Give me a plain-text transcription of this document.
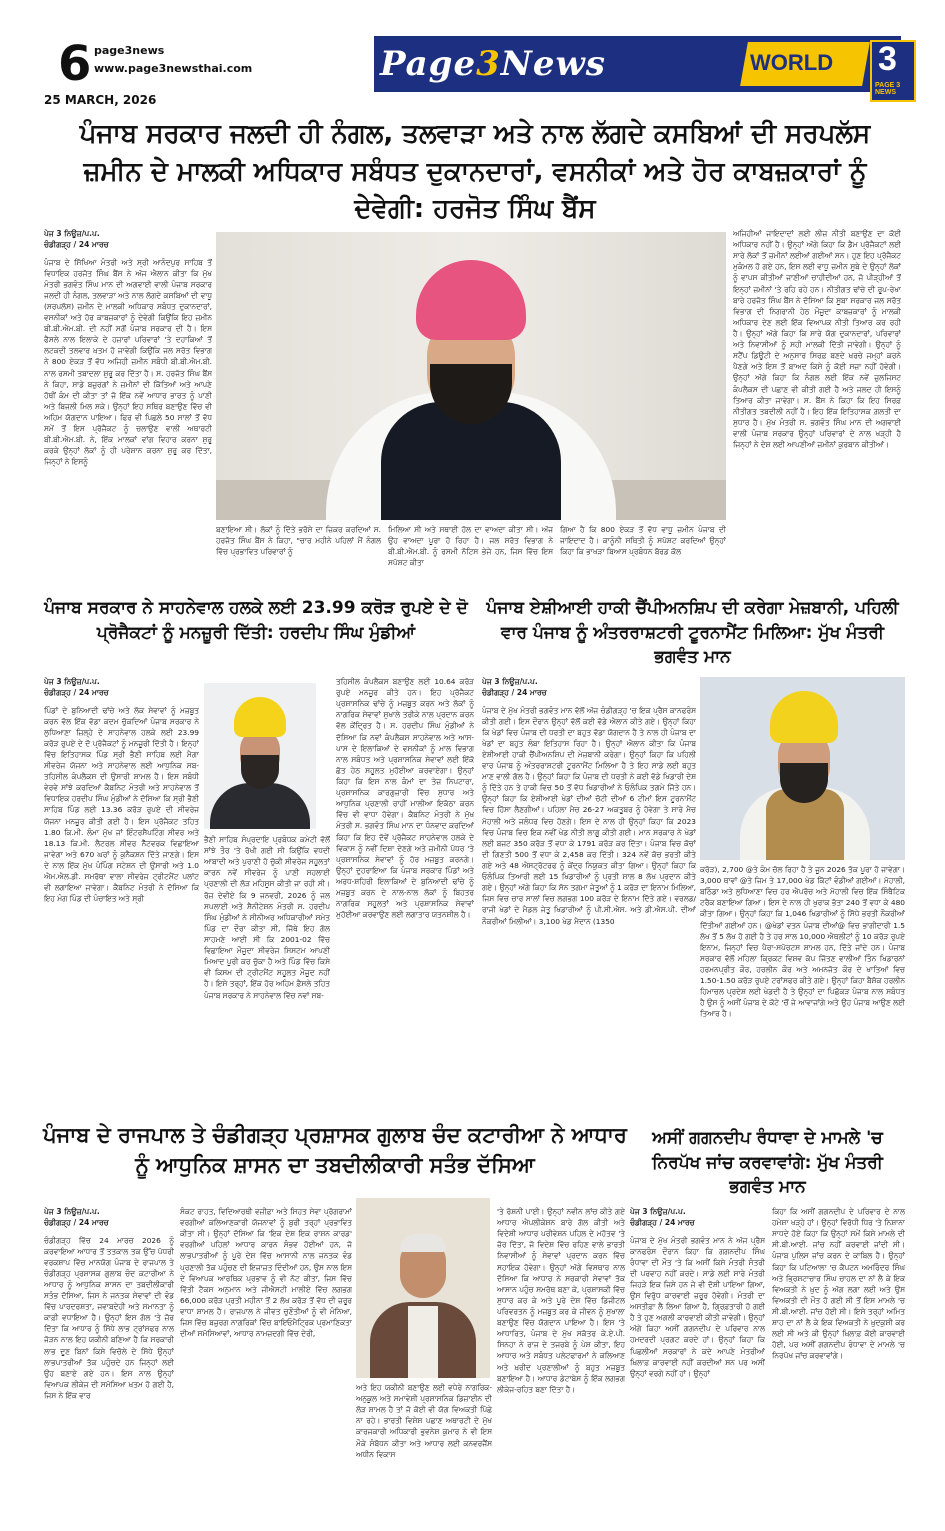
6 page3news
www.page3newsthai.com	Page3News	WORLD 3
PAGE 3 NEWS
25 MARCH, 2026
ਪੰਜਾਬ ਸਰਕਾਰ ਜਲਦੀ ਹੀ ਨੰਗਲ, ਤਲਵਾੜਾ ਅਤੇ ਨਾਲ ਲੱਗਦੇ ਕਸਬਿਆਂ ਦੀ ਸਰਪਲੱਸ ਜ਼ਮੀਨ ਦੇ ਮਾਲਕੀ ਅਧਿਕਾਰ ਸਬੰਧਤ ਦੁਕਾਨਦਾਰਾਂ, ਵਸਨੀਕਾਂ ਅਤੇ ਹੋਰ ਕਾਬਜ਼ਕਾਰਾਂ ਨੂੰ ਦੇਵੇਗੀ: ਹਰਜੋਤ ਸਿੰਘ ਬੈਂਸ
ਪੇਜ 3 ਨਿਊਜ਼/ਪ.ਪ.
ਚੰਡੀਗੜ੍ਹ / 24 ਮਾਰਚ

ਪੰਜਾਬ ਦੇ ਸਿੱਖਿਆ ਮੰਤਰੀ ਅਤੇ ਸ੍ਰੀ ਆਨੰਦਪੁਰ ਸਾਹਿਬ ਤੋਂ ਵਿਧਾਇਕ ਹਰਜੋਤ ਸਿੰਘ ਬੈਂਸ ਨੇ ਅੱਜ ਐਲਾਨ ਕੀਤਾ ਕਿ ਮੁੱਖ ਮੰਤਰੀ ਭਗਵੰਤ ਸਿੰਘ ਮਾਨ ਦੀ ਅਗਵਾਈ ਵਾਲੀ ਪੰਜਾਬ ਸਰਕਾਰ ਜਲਦੀ ਹੀ ਨੰਗਲ, ਤਲਵਾੜਾ ਅਤੇ ਨਾਲ ਲੱਗਦੇ ਕਸਬਿਆਂ ਦੀ ਵਾਧੂ (ਸਰਪਲੱਸ) ਜ਼ਮੀਨ ਦੇ ਮਾਲਕੀ ਅਧਿਕਾਰ ਸਬੰਧਤ ਦੁਕਾਨਦਾਰਾਂ, ਵਸਨੀਕਾਂ ਅਤੇ ਹੋਰ ਕਾਬਜ਼ਕਾਰਾਂ ਨੂੰ ਦੇਵੇਗੀ ਕਿਉਂਕਿ ਇਹ ਜ਼ਮੀਨ ਬੀ.ਬੀ.ਐਮ.ਬੀ. ਦੀ ਨਹੀਂ ਸਗੋਂ ਪੰਜਾਬ ਸਰਕਾਰ ਦੀ ਹੈ। ਇਸ ਫੈਸਲੇ ਨਾਲ ਇਲਾਕੇ ਦੇ ਹਜ਼ਾਰਾਂ ਪਰਿਵਾਰਾਂ 'ਤੇ ਦਹਾਕਿਆਂ ਤੋਂ ਲਟਕਦੀ ਤਲਵਾਰ ਖ਼ਤਮ ਹੋ ਜਾਵੇਗੀ ਕਿਉਂਕਿ ਜਲ ਸਰੋਤ ਵਿਭਾਗ ਨੇ 800 ਏਕੜ ਤੋਂ ਵੱਧ ਅਜਿਹੀ ਜ਼ਮੀਨ ਸਬੰਧੀ ਬੀ.ਬੀ.ਐਮ.ਬੀ. ਨਾਲ ਰਸਮੀ ਤਬਾਦਲਾ ਸ਼ੁਰੂ ਕਰ ਦਿੱਤਾ ਹੈ। ਸ. ਹਰਜੋਤ ਸਿੰਘ ਬੈਂਸ ਨੇ ਕਿਹਾ, ਸਾਡੇ ਬਜ਼ੁਰਗਾਂ ਨੇ ਜ਼ਮੀਨਾਂ ਦੀ ਕਿੱਤਿਆਂ ਅਤੇ ਆਪਣੇ ਹੱਥੀਂ ਕੰਮ ਦੀ ਕੀਤਾ ਤਾਂ ਜੋ ਇੱਕ ਨਵੇਂ ਆਧਾਰ ਭਾਰਤ ਨੂੰ ਪਾਣੀ ਅਤੇ ਬਿਜਲੀ ਮਿਲ ਸਕੇ। ਉਨ੍ਹਾਂ ਇਹ ਸਥਿਰ ਬਣਾਉਣ ਵਿੱਚ ਵੀ ਅਹਿਮ ਯੋਗਦਾਨ ਪਾਇਆ। ਫਿਰ ਵੀ ਪਿਛਲੇ 50 ਸਾਲਾਂ ਤੋਂ ਵੱਧ ਸਮੇਂ ਤੋਂ ਇਸ ਪ੍ਰੋਜੈਕਟ ਨੂੰ ਚਲਾਉਣ ਵਾਲੀ ਅਥਾਰਟੀ ਬੀ.ਬੀ.ਐਮ.ਬੀ. ਨੇ, ਇੱਕ ਮਾਲਕਾਂ ਵਾਂਗ ਵਿਹਾਰ ਕਰਨਾ ਸ਼ੁਰੂ ਕਰਕੇ ਉਨ੍ਹਾਂ ਲੋਕਾਂ ਨੂੰ ਹੀ ਪਰੇਸ਼ਾਨ ਕਰਨਾ ਸ਼ੁਰੂ ਕਰ ਦਿੱਤਾ, ਜਿਨ੍ਹਾਂ ਨੇ ਇਸਨੂੰ

ਬਣਾਇਆ ਸੀ। ਲੋਕਾਂ ਨੂੰ ਦਿੱਤੇ ਭਰੋਸੇ ਦਾ ਜ਼ਿਕਰ ਕਰਦਿਆਂ ਸ. ਹਰਜੋਤ ਸਿੰਘ ਬੈਂਸ ਨੇ ਕਿਹਾ, "ਚਾਰ ਮਹੀਨੇ ਪਹਿਲਾਂ ਮੈਂ ਨੰਗਲ ਵਿੱਚ ਪ੍ਰਭਾਵਿਤ ਪਰਿਵਾਰਾਂ ਨੂੰ
ਮਿਲਿਆ ਸੀ ਅਤੇ ਸਥਾਈ ਹੱਲ ਦਾ ਵਾਅਦਾ ਕੀਤਾ ਸੀ। ਅੱਜ ਉਹ ਵਾਅਦਾ ਪੂਰਾ ਹੋ ਰਿਹਾ ਹੈ। ਜਲ ਸਰੋਤ ਵਿਭਾਗ ਨੇ ਬੀ.ਬੀ.ਐਮ.ਬੀ. ਨੂੰ ਰਸਮੀ ਨੋਟਿਸ ਭੇਜੇ ਹਨ, ਜਿਸ ਵਿੱਚ ਇਸ ਸਪੱਸ਼ਟ ਕੀਤਾ
ਗਿਆ ਹੈ ਕਿ 800 ਏਕੜ ਤੋਂ ਵੱਧ ਵਾਧੂ ਜ਼ਮੀਨ ਪੰਜਾਬ ਦੀ ਜਾਇਦਾਦ ਹੈ। ਕਾਨੂੰਨੀ ਸਥਿਤੀ ਨੂੰ ਸਪੱਸ਼ਟ ਕਰਦਿਆਂ ਉਨ੍ਹਾਂ ਕਿਹਾ ਕਿ ਭਾਖੜਾ ਬਿਆਸ ਪ੍ਰਬੰਧਨ ਬੋਰਡ ਕੋਲ

ਅਜਿਹੀਆਂ ਜਾਇਦਾਦਾਂ ਲਈ ਲੀਜ਼ ਨੀਤੀ ਬਣਾਉਣ ਦਾ ਕੋਈ ਅਧਿਕਾਰ ਨਹੀਂ ਹੈ। ਉਨ੍ਹਾਂ ਅੱਗੇ ਕਿਹਾ ਕਿ ਡੈਮ ਪ੍ਰੋਜੈਕਟਾਂ ਲਈ ਸਾਰੇ ਲੋਕਾਂ ਤੋਂ ਜ਼ਮੀਨਾਂ ਲਈਆਂ ਗਈਆਂ ਸਨ। ਹੁਣ ਇਹ ਪ੍ਰੋਜੈਕਟ ਮੁਕੰਮਲ ਹੋ ਗਏ ਹਨ, ਇਸ ਲਈ ਵਾਧੂ ਜ਼ਮੀਨ ਸੂਬੇ ਦੇ ਉਨ੍ਹਾਂ ਲੋਕਾਂ ਨੂੰ ਵਾਪਸ ਕੀਤੀਆਂ ਜਾਣੀਆਂ ਚਾਹੀਦੀਆਂ ਹਨ, ਜੋ ਪੀੜ੍ਹੀਆਂ ਤੋਂ ਇਨ੍ਹਾਂ ਜ਼ਮੀਨਾਂ 'ਤੇ ਰਹਿ ਰਹੇ ਹਨ। ਨੀਤੀਗਤ ਢਾਂਚੇ ਦੀ ਰੂਪ-ਰੇਖਾ ਬਾਰੇ ਹਰਜੋਤ ਸਿੰਘ ਬੈਂਸ ਨੇ ਦੱਸਿਆ ਕਿ ਸੂਬਾ ਸਰਕਾਰ ਜਲ ਸਰੋਤ ਵਿਭਾਗ ਦੀ ਨਿਗਰਾਨੀ ਹੇਠ ਮੌਜੂਦਾ ਕਾਬਜ਼ਕਾਰਾਂ ਨੂੰ ਮਾਲਕੀ ਅਧਿਕਾਰ ਦੇਣ ਲਈ ਇੱਕ ਵਿਆਪਕ ਨੀਤੀ ਤਿਆਰ ਕਰ ਰਹੀ ਹੈ। ਉਨ੍ਹਾਂ ਅੱਗੇ ਕਿਹਾ ਕਿ ਸਾਰੇ ਯੋਗ ਦੁਕਾਨਦਾਰਾਂ, ਪਰਿਵਾਰਾਂ ਅਤੇ ਨਿਵਾਸੀਆਂ ਨੂੰ ਸਹੀ ਮਾਲਕੀ ਦਿੱਤੀ ਜਾਵੇਗੀ। ਉਨ੍ਹਾਂ ਨੂੰ ਸਟੈਂਪ ਡਿਊਟੀ ਦੇ ਅਨੁਸਾਰ ਸਿਰਫ਼ ਬਣਦੇ ਖ਼ਰਚੇ ਜਮ੍ਹਾਂ ਕਰਨੇ ਪੈਣਗੇ ਅਤੇ ਇਸ ਤੋਂ ਬਾਅਦ ਕਿਸੇ ਨੂੰ ਕੋਈ ਸਜ਼ਾ ਨਹੀਂ ਹੋਵੇਗੀ। ਉਨ੍ਹਾਂ ਅੱਗੇ ਕਿਹਾ ਕਿ ਨੰਗਲ ਲਈ ਇੱਕ ਨਵੇਂ ਜ਼ੁਲਜਿਸਟ ਕੰਪਲੈਕਸ ਦੀ ਪਛਾਣ ਵੀ ਕੀਤੀ ਗਈ ਹੈ ਅਤੇ ਜਲਦ ਹੀ ਇਸਨੂੰ ਤਿਆਰ ਕੀਤਾ ਜਾਵੇਗਾ। ਸ. ਬੈਂਸ ਨੇ ਕਿਹਾ ਕਿ ਇਹ ਸਿਰਫ਼ ਨੀਤੀਗਤ ਤਬਦੀਲੀ ਨਹੀਂ ਹੈ। ਇਹ ਇੱਕ ਇਤਿਹਾਸਕ ਗ਼ਲਤੀ ਦਾ ਸੁਧਾਰ ਹੈ। ਮੁੱਖ ਮੰਤਰੀ ਸ. ਭਗਵੰਤ ਸਿੰਘ ਮਾਨ ਦੀ ਅਗਵਾਈ ਵਾਲੀ ਪੰਜਾਬ ਸਰਕਾਰ ਉਨ੍ਹਾਂ ਪਰਿਵਾਰਾਂ ਦੇ ਨਾਲ ਖੜ੍ਹੀ ਹੈ ਜਿਨ੍ਹਾਂ ਨੇ ਦੇਸ਼ ਲਈ ਆਪਣੀਆਂ ਜ਼ਮੀਨਾਂ ਕੁਰਬਾਨ ਕੀਤੀਆਂ।

ਪੰਜਾਬ ਸਰਕਾਰ ਨੇ ਸਾਹਨੇਵਾਲ ਹਲਕੇ ਲਈ 23.99 ਕਰੋੜ ਰੁਪਏ ਦੇ ਦੋ ਪ੍ਰੋਜੈਕਟਾਂ ਨੂੰ ਮਨਜ਼ੂਰੀ ਦਿੱਤੀ: ਹਰਦੀਪ ਸਿੰਘ ਮੁੰਡੀਆਂ
ਪੇਜ 3 ਨਿਊਜ਼/ਪ.ਪ.
ਚੰਡੀਗੜ੍ਹ / 24 ਮਾਰਚ

ਪਿੰਡਾਂ ਦੇ ਬੁਨਿਆਦੀ ਢਾਂਚੇ ਅਤੇ ਲੋਕ ਸੇਵਾਵਾਂ ਨੂੰ ਮਜ਼ਬੂਤ ਕਰਨ ਵੱਲ ਇੱਕ ਵੱਡਾ ਕਦਮ ਚੁੱਕਦਿਆਂ ਪੰਜਾਬ ਸਰਕਾਰ ਨੇ ਲੁਧਿਆਣਾ ਜ਼ਿਲ੍ਹੇ ਦੇ ਸਾਹਨੇਵਾਲ ਹਲਕੇ ਲਈ 23.99 ਕਰੋੜ ਰੁਪਏ ਦੇ ਦੋ ਪ੍ਰੋਜੈਕਟਾਂ ਨੂੰ ਮਨਜ਼ੂਰੀ ਦਿੱਤੀ ਹੈ। ਇਨ੍ਹਾਂ ਵਿੱਚ ਇਤਿਹਾਸਕ ਪਿੰਡ ਸ੍ਰੀ ਭੈਣੀ ਸਾਹਿਬ ਲਈ ਮੈਗਾ ਸੀਵਰੇਜ ਯੋਜਨਾ ਅਤੇ ਸਾਹਨੇਵਾਲ ਲਈ ਆਧੁਨਿਕ ਸਬ-ਤਹਿਸੀਲ ਕੰਪਲੈਕਸ ਦੀ ਉਸਾਰੀ ਸ਼ਾਮਲ ਹੈ। ਇਸ ਸਬੰਧੀ ਵੇਰਵੇ ਸਾਂਝੇ ਕਰਦਿਆਂ ਕੈਬਨਿਟ ਮੰਤਰੀ ਅਤੇ ਸਾਹਨੇਵਾਲ ਤੋਂ ਵਿਧਾਇਕ ਹਰਦੀਪ ਸਿੰਘ ਮੁੰਡੀਆਂ ਨੇ ਦੱਸਿਆ ਕਿ ਸ੍ਰੀ ਭੈਣੀ ਸਾਹਿਬ ਪਿੰਡ ਲਈ 13.36 ਕਰੋੜ ਰੁਪਏ ਦੀ ਸੀਵਰੇਜ ਯੋਜਨਾ ਮਨਜ਼ੂਰ ਕੀਤੀ ਗਈ ਹੈ। ਇਸ ਪ੍ਰੋਜੈਕਟ ਤਹਿਤ 1.80 ਕਿ.ਮੀ. ਲੰਮਾ ਮੁੱਖ ਜਾਂ ਇੰਟਰਸੈਪਟਿੰਗ ਸੀਵਰ ਅਤੇ 18.13 ਕਿ.ਮੀ. ਲੈਟਰਲ ਸੀਵਰ ਨੈੱਟਵਰਕ ਵਿਛਾਇਆ ਜਾਵੇਗਾ ਅਤੇ 670 ਘਰਾਂ ਨੂੰ ਕੁਨੈਕਸ਼ਨ ਦਿੱਤੇ ਜਾਣਗੇ। ਇਸ ਦੇ ਨਾਲ ਇੱਕ ਮੁੱਖ ਪੰਪਿੰਗ ਸਟੇਸ਼ਨ ਦੀ ਉਸਾਰੀ ਅਤੇ 1.0 ਐਮ.ਐਲ.ਡੀ. ਸਮਰੱਥਾ ਵਾਲਾ ਸੀਵਰੇਜ ਟ੍ਰੀਟਮੈਂਟ ਪਲਾਂਟ ਵੀ ਲਗਾਇਆ ਜਾਵੇਗਾ। ਕੈਬਨਿਟ ਮੰਤਰੀ ਨੇ ਦੱਸਿਆ ਕਿ ਇਹ ਮੰਗ ਪਿੰਡ ਦੀ ਪੰਚਾਇਤ ਅਤੇ ਸ੍ਰੀ

ਭੈਣੀ ਸਾਹਿਬ ਸੰਪ੍ਰਦਾਇ ਪ੍ਰਬੰਧਕ ਕਮੇਟੀ ਵੱਲੋਂ ਸਾਂਝੇ ਤੌਰ 'ਤੇ ਰੱਖੀ ਗਈ ਸੀ ਕਿਉਂਕਿ ਵਧਦੀ ਆਬਾਦੀ ਅਤੇ ਪੁਰਾਣੀ ਹੋ ਚੁੱਕੀ ਸੀਵਰੇਜ ਸਹੂਲਤਾਂ ਕਾਰਨ ਨਵੇਂ ਸੀਵਰੇਜ ਨੂੰ ਪਾਣੀ ਸਹਲਾਈ ਪ੍ਰਣਾਲੀ ਦੀ ਲੋੜ ਮਹਿਸੂਸ ਕੀਤੀ ਜਾ ਰਹੀ ਸੀ। ਰੋਜ਼ ਦੇਵੀਏ ਕਿ 9 ਜਨਵਰੀ, 2026 ਨੂੰ ਜਲ ਸਪਲਾਈ ਅਤੇ ਸੈਨੀਟੇਸ਼ਨ ਮੰਤਰੀ ਸ. ਹਰਦੀਪ ਸਿੰਘ ਮੁੰਡੀਆਂ ਨੇ ਸੀਨੀਅਰ ਅਧਿਕਾਰੀਆਂ ਸਮੇਤ ਪਿੰਡ ਦਾ ਦੌਰਾ ਕੀਤਾ ਸੀ, ਜਿੱਥੇ ਇਹ ਗੱਲ ਸਾਹਮਣੇ ਆਈ ਸੀ ਕਿ 2001-02 ਵਿੱਚ ਵਿਛਾਇਆ ਮੌਜੂਦਾ ਸੀਵਰੇਜ ਸਿਸਟਮ ਆਪਣੀ ਮਿਆਦ ਪੂਰੀ ਕਰ ਚੁੱਕਾ ਹੈ ਅਤੇ ਪਿੰਡ ਵਿੱਚ ਕਿਸੇ ਵੀ ਕਿਸਮ ਦੀ ਟ੍ਰੀਟਮੈਂਟ ਸਹੂਲਤ ਮੌਜੂਦ ਨਹੀਂ ਹੈ। ਇਸੇ ਤਰ੍ਹਾਂ, ਇੱਕ ਹੋਰ ਅਹਿਮ ਫ਼ੈਸਲੇ ਤਹਿਤ ਪੰਜਾਬ ਸਰਕਾਰ ਨੇ ਸਾਹਨੇਵਾਲ ਵਿੱਚ ਨਵਾਂ ਸਬ-

ਤਹਿਸੀਲ ਕੰਪਲੈਕਸ ਬਣਾਉਣ ਲਈ 10.64 ਕਰੋੜ ਰੁਪਏ ਮਨਜ਼ੂਰ ਕੀਤੇ ਹਨ। ਇਹ ਪ੍ਰੋਜੈਕਟ ਪ੍ਰਸ਼ਾਸਨਿਕ ਢਾਂਚੇ ਨੂੰ ਮਜ਼ਬੂਤ ਕਰਨ ਅਤੇ ਲੋਕਾਂ ਨੂੰ ਨਾਗਰਿਕ ਸੇਵਾਵਾਂ ਸੁਖਾਲੇ ਤਰੀਕੇ ਨਾਲ ਪ੍ਰਦਾਨ ਕਰਨ ਵੱਲ ਕੇਂਦ੍ਰਿਤ ਹੈ। ਸ. ਹਰਦੀਪ ਸਿੰਘ ਮੁੰਡੀਆਂ ਨੇ ਦੱਸਿਆ ਕਿ ਨਵਾਂ ਕੰਪਲੈਕਸ ਸਾਹਨੇਵਾਲ ਅਤੇ ਆਸ-ਪਾਸ ਦੇ ਇਲਾਕਿਆਂ ਦੇ ਵਸਨੀਕਾਂ ਨੂੰ ਮਾਲ ਵਿਭਾਗ ਨਾਲ ਸਬੰਧਤ ਅਤੇ ਪ੍ਰਸ਼ਾਸਨਿਕ ਸੇਵਾਵਾਂ ਲਈ ਇੱਕੋ ਛੱਤ ਹੇਠ ਸਹੂਲਤ ਮੁਹੱਈਆ ਕਰਵਾਏਗਾ। ਉਨ੍ਹਾਂ ਕਿਹਾ ਕਿ ਇਸ ਨਾਲ ਕੰਮਾਂ ਦਾ ਤੇਜ਼ ਨਿਪਟਾਰਾ, ਪ੍ਰਸ਼ਾਸਨਿਕ ਕਾਰਗੁਜ਼ਾਰੀ ਵਿੱਚ ਸੁਧਾਰ ਅਤੇ ਆਧੁਨਿਕ ਪ੍ਰਣਾਲੀ ਰਾਹੀਂ ਮਾਲੀਆ ਇਕੱਠਾ ਕਰਨ ਵਿੱਚ ਵੀ ਵਾਧਾ ਹੋਵੇਗਾ। ਕੈਬਨਿਟ ਮੰਤਰੀ ਨੇ ਮੁੱਖ ਮੰਤਰੀ ਸ. ਭਗਵੰਤ ਸਿੰਘ ਮਾਨ ਦਾ ਧੰਨਵਾਦ ਕਰਦਿਆਂ ਕਿਹਾ ਕਿ ਇਹ ਦੋਵੇਂ ਪ੍ਰੋਜੈਕਟ ਸਾਹਨੇਵਾਲ ਹਲਕੇ ਦੇ ਵਿਕਾਸ ਨੂੰ ਨਵੀਂ ਦਿਸ਼ਾ ਦੇਣਗੇ ਅਤੇ ਜ਼ਮੀਨੀ ਪੱਧਰ 'ਤੇ ਪ੍ਰਸ਼ਾਸਨਿਕ ਸੇਵਾਵਾਂ ਨੂੰ ਹੋਰ ਮਜ਼ਬੂਤ ਕਰਨਗੇ। ਉਨ੍ਹਾਂ ਦੁਹਰਾਇਆ ਕਿ ਪੰਜਾਬ ਸਰਕਾਰ ਪਿੰਡਾਂ ਅਤੇ ਅਰਧ-ਸ਼ਹਿਰੀ ਇਲਾਕਿਆਂ ਦੇ ਬੁਨਿਆਦੀ ਢਾਂਚੇ ਨੂੰ ਮਜ਼ਬੂਤ ਕਰਨ ਦੇ ਨਾਲ-ਨਾਲ ਲੋਕਾਂ ਨੂੰ ਬਿਹਤਰ ਨਾਗਰਿਕ ਸਹੂਲਤਾਂ ਅਤੇ ਪ੍ਰਸ਼ਾਸਨਿਕ ਸੇਵਾਵਾਂ ਮੁਹੱਈਆ ਕਰਵਾਉਣ ਲਈ ਲਗਾਤਾਰ ਯਤਨਸ਼ੀਲ ਹੈ।

ਪੰਜਾਬ ਏਸ਼ੀਆਈ ਹਾਕੀ ਚੈਂਪੀਅਨਸ਼ਿਪ ਦੀ ਕਰੇਗਾ ਮੇਜ਼ਬਾਨੀ, ਪਹਿਲੀ ਵਾਰ ਪੰਜਾਬ ਨੂੰ ਅੰਤਰਰਾਸ਼ਟਰੀ ਟੂਰਨਾਮੈਂਟ ਮਿਲਿਆ: ਮੁੱਖ ਮੰਤਰੀ ਭਗਵੰਤ ਮਾਨ
ਪੇਜ 3 ਨਿਊਜ਼/ਪ.ਪ.
ਚੰਡੀਗੜ੍ਹ / 24 ਮਾਰਚ

ਪੰਜਾਬ ਦੇ ਮੁੱਖ ਮੰਤਰੀ ਭਗਵੰਤ ਮਾਨ ਵੱਲੋਂ ਅੱਜ ਚੰਡੀਗੜ੍ਹ 'ਚ ਇਕ ਪ੍ਰੈਸ ਕਾਨਫਰੰਸ ਕੀਤੀ ਗਈ। ਇਸ ਦੌਰਾਨ ਉਨ੍ਹਾਂ ਵੱਲੋਂ ਕਈ ਵੱਡੇ ਐਲਾਨ ਕੀਤੇ ਗਏ। ਉਨ੍ਹਾਂ ਕਿਹਾ ਕਿ ਖੇਡਾਂ ਵਿਚ ਪੰਜਾਬ ਦੀ ਧਰਤੀ ਦਾ ਬਹੁਤ ਵੱਡਾ ਯੋਗਦਾਨ ਹੈ ਤੇ ਨਾਲ ਹੀ ਪੰਜਾਬ ਦਾ ਖੇਡਾਂ ਦਾ ਬਹੁਤ ਲੰਬਾ ਇਤਿਹਾਸ ਰਿਹਾ ਹੈ। ਉਨ੍ਹਾਂ ਐਲਾਨ ਕੀਤਾ ਕਿ ਪੰਜਾਬ ਏਸ਼ੀਆਈ ਹਾਕੀ ਚੈਂਪੀਅਨਸ਼ਿਪ ਦੀ ਮੇਜ਼ਬਾਨੀ ਕਰੇਗਾ। ਉਨ੍ਹਾਂ ਕਿਹਾ ਕਿ ਪਹਿਲੀ ਵਾਰ ਪੰਜਾਬ ਨੂੰ ਅੰਤਰਰਾਸ਼ਟਰੀ ਟੂਰਨਾਮੈਂਟ ਮਿਲਿਆ ਹੈ ਤੇ ਇਹ ਸਾਡੇ ਲਈ ਬਹੁਤ ਮਾਣ ਵਾਲੀ ਗੱਲ ਹੈ। ਉਨ੍ਹਾਂ ਕਿਹਾ ਕਿ ਪੰਜਾਬ ਦੀ ਧਰਤੀ ਨੇ ਕਈ ਵੱਡੇ ਖਿਡਾਰੀ ਦੇਸ਼ ਨੂੰ ਦਿੱਤੇ ਹਨ ਤੇ ਹਾਕੀ ਵਿਚ 50 ਤੋਂ ਵੱਧ ਖਿਡਾਰੀਆਂ ਨੇ ਓਲੰਪਿਕ ਤਗਮੇ ਜਿੱਤੇ ਹਨ। ਉਨ੍ਹਾਂ ਕਿਹਾ ਕਿ ਏਸ਼ੀਆਈ ਖੇਡਾਂ ਦੀਆਂ ਚੋਟੀ ਦੀਆਂ 6 ਟੀਮਾਂ ਇਸ ਟੂਰਨਾਮੈਂਟ ਵਿਚ ਹਿੱਸਾ ਲੈਣਗੀਆਂ। ਪਹਿਲਾ ਮੈਚ 26-27 ਅਕਤੂਬਰ ਨੂੰ ਹੋਵੇਗਾ ਤੇ ਸਾਰੇ ਮੈਚ ਮੋਹਾਲੀ ਅਤੇ ਜਲੰਧਰ ਵਿਚ ਹੋਣਗੇ। ਇਸ ਦੇ ਨਾਲ ਹੀ ਉਨ੍ਹਾਂ ਕਿਹਾ ਕਿ 2023 ਵਿਚ ਪੰਜਾਬ ਵਿਚ ਇਕ ਨਵੀਂ ਖੇਡ ਨੀਤੀ ਲਾਗੂ ਕੀਤੀ ਗਈ। ਮਾਨ ਸਰਕਾਰ ਨੇ ਖੇਡਾਂ ਲਈ ਬਜਟ 350 ਕਰੋੜ ਤੋਂ ਵਧਾ ਕੇ 1791 ਕਰੋੜ ਕਰ ਦਿੱਤਾ। ਪੰਜਾਬ ਵਿਚ ਕੋਚਾਂ ਦੀ ਗਿਣਤੀ 500 ਤੋਂ ਵਧਾ ਕੇ 2,458 ਕਰ ਦਿੱਤੀ। 324 ਨਵੇਂ ਕੋਚ ਭਰਤੀ ਕੀਤੇ ਗਏ ਅਤੇ 48 ਐਸਟ੍ਰੋਟਰਫ ਨੂੰ ਕੇਂਦ੍ਰ ਨਿਯੁਕਤ ਕੀਤਾ ਗਿਆ। ਉਨ੍ਹਾਂ ਕਿਹਾ ਕਿ ਓਲੰਪਿਕ ਤਿਆਰੀ ਲਈ 15 ਖਿਡਾਰੀਆਂ ਨੂੰ ਪ੍ਰਤੀ ਸਾਲ 8 ਲੱਖ ਪ੍ਰਦਾਨ ਕੀਤੇ ਗਏ। ਉਨ੍ਹਾਂ ਅੱਗੇ ਕਿਹਾ ਕਿ ਸੋਨ ਤਗਮਾ ਜੇਤੂਆਂ ਨੂੰ 1 ਕਰੋੜ ਦਾ ਇਨਾਮ ਮਿਲਿਆ, ਜਿਸ ਵਿਚ ਚਾਰ ਸਾਲਾਂ ਵਿਚ ਲਗਭਗ 100 ਕਰੋੜ ਦੇ ਇਨਾਮ ਦਿੱਤੇ ਗਏ। ਵਰਲਡ/ਰਾਜੀ ਖੇਡਾਂ ਦੇ ਮੈਡਲ ਜੇਤੂ ਖਿਡਾਰੀਆਂ ਨੂੰ ਪੀ.ਸੀ.ਐਸ. ਅਤੇ ਡੀ.ਐਸ.ਪੀ. ਦੀਆਂ ਨੌਕਰੀਆਂ ਮਿਲੀਆਂ। 3,100 ਖੇਡ ਮੈਦਾਨ (1350

ਕਰੋੜ), 2,700 @ਤੇ ਕੰਮ ਚੱਲ ਰਿਹਾ ਹੈ ਤੇ ਜੂਨ 2026 ਤੱਕ ਪੂਰਾ ਹੋ ਜਾਵੇਗਾ। 3,000 ਥਾਵਾਂ @ਤੇ ਜਿਮ ਤੇ 17,000 ਖੇਡ ਕਿੱਟਾਂ ਵੰਡੀਆਂ ਗਈਆਂ। ਮੋਹਾਲੀ, ਬਠਿੰਡਾ ਅਤੇ ਲੁਧਿਆਣਾ ਵਿਚ ਹਰ ਐਪਰੋਚ ਅਤੇ ਮੋਹਾਲੀ ਵਿਚ ਇੱਕ ਸਿੰਥੈਟਿਕ ਟਰੈਕ ਬਣਾਇਆ ਗਿਆ। ਇਸ ਦੇ ਨਾਲ ਹੀ ਖੁਰਾਕ ਭੱਤਾ 240 ਤੋਂ ਵਧਾ ਕੇ 480 ਕੀਤਾ ਗਿਆ। ਉਨ੍ਹਾਂ ਕਿਹਾ ਕਿ 1,046 ਖਿਡਾਰੀਆਂ ਨੂੰ ਸਿੱਧੇ ਭਰਤੀ ਨੌਕਰੀਆਂ ਦਿੱਤੀਆਂ ਗਈਆਂ ਹਨ। @ਖੇਡਾਂ ਵਤਨ ਪੰਜਾਬ ਦੀਆਂ@ ਵਿਚ ਭਾਗੀਦਾਰੀ 1.5 ਲੱਖ ਤੋਂ 5 ਲੱਖ ਹੋ ਗਈ ਹੈ ਤੇ ਹਰ ਸਾਲ 10,000 ਐਥਲੀਟਾਂ ਨੂੰ 10 ਕਰੋੜ ਰੁਪਏ ਇਨਾਮ, ਜਿਨ੍ਹਾਂ ਵਿਚ ਪੈਰਾ-ਸਪੋਰਟਸ ਸ਼ਾਮਲ ਹਨ, ਦਿੱਤੇ ਜਾਂਦੇ ਹਨ। ਪੰਜਾਬ ਸਰਕਾਰ ਵੱਲੋਂ ਮਹਿਲਾ ਕ੍ਰਿਕਟ ਵਿਸ਼ਵ ਕੱਪ ਜਿੱਤਣ ਵਾਲੀਆਂ ਤਿੰਨ ਖਿਡਾਰਨਾਂ ਹਰਮਨਪ੍ਰੀਤ ਕੌਰ, ਹਰਲੀਨ ਕੌਰ ਅਤੇ ਅਮਨਜੋਤ ਕੌਰ ਦੇ ਖਾਤਿਆਂ ਵਿਚ 1.50-1.50 ਕਰੋੜ ਰੁਪਏ ਟਰਾਂਸਫਰ ਕੀਤੇ ਗਏ। ਉਨ੍ਹਾਂ ਕਿਹਾ ਬੈਸ਼ੱਕ ਹਰਲੀਨ ਹਿਮਾਚਲ ਪ੍ਰਦੇਸ਼ ਲਈ ਖੇਡਦੀ ਹੈ ਤੇ ਉਨ੍ਹਾਂ ਦਾ ਪਿਛੋਕੜ ਪੰਜਾਬ ਨਾਲ ਸਬੰਧਤ ਹੈ ਉਸ ਨੂੰ ਅਸੀਂ ਪੰਜਾਬ ਦੇ ਕੋਟੇ 'ਚੋਂ ਜੇ ਆਵਾਜਾਂਗੇ ਅਤੇ ਉਹ ਪੰਜਾਬ ਆਉਣ ਲਈ ਤਿਆਰ ਹੈ।

ਪੰਜਾਬ ਦੇ ਰਾਜਪਾਲ ਤੇ ਚੰਡੀਗੜ੍ਹ ਪ੍ਰਸ਼ਾਸਕ ਗੁਲਾਬ ਚੰਦ ਕਟਾਰੀਆ ਨੇ ਆਧਾਰ ਨੂੰ ਆਧੁਨਿਕ ਸ਼ਾਸਨ ਦਾ ਤਬਦੀਲੀਕਾਰੀ ਸਤੰਭ ਦੱਸਿਆ
ਪੇਜ 3 ਨਿਊਜ਼/ਪ.ਪ.
ਚੰਡੀਗੜ੍ਹ / 24 ਮਾਰਚ

ਚੰਡੀਗੜ੍ਹ ਵਿੱਚ 24 ਮਾਰਚ 2026 ਨੂੰ ਕਰਵਾਇਆ ਆਧਾਰ ਤੋਂ ਤਤਕਾਲ ਤਕ ਉੱਚ ਪੱਧਰੀ ਵਰਕਸ਼ਾਪ ਵਿੱਚ ਮਾਨਯੋਗ ਪੰਜਾਬ ਦੇ ਰਾਜਪਾਲ ਤੇ ਚੰਡੀਗੜ੍ਹ ਪ੍ਰਸ਼ਾਸਕ ਗੁਲਾਬ ਚੰਦ ਕਟਾਰੀਆ ਨੇ ਆਧਾਰ ਨੂੰ ਆਧੁਨਿਕ ਸ਼ਾਸਨ ਦਾ ਤਬਦੀਲੀਕਾਰੀ ਸਤੰਭ ਦੱਸਿਆ, ਜਿਸ ਨੇ ਜਨਤਕ ਸੇਵਾਵਾਂ ਦੀ ਵੰਡ ਵਿੱਚ ਪਾਰਦਰਸ਼ਤਾ, ਜਵਾਬਦੇਹੀ ਅਤੇ ਸਮਾਨਤਾ ਨੂੰ ਕਾਫ਼ੀ ਵਧਾਇਆ ਹੈ। ਉਨ੍ਹਾਂ ਇਸ ਗੱਲ 'ਤੇ ਜ਼ੋਰ ਦਿੱਤਾ ਕਿ ਆਧਾਰ ਨੂੰ ਸਿੱਧੇ ਲਾਭ ਟ੍ਰਾਂਸਫਰ ਨਾਲ ਜੋੜਨ ਨਾਲ ਇਹ ਯਕੀਨੀ ਬਣਿਆ ਹੈ ਕਿ ਸਰਕਾਰੀ ਲਾਭ ਦੂਣ ਬਿਨਾਂ ਕਿਸੇ ਵਿਚੋਲੇ ਦੇ ਸਿੱਧੇ ਉਨ੍ਹਾਂ ਲਾਭਪਾਤਰੀਆਂ ਤੱਕ ਪਹੁੰਚਦੇ ਹਨ ਜਿਨ੍ਹਾਂ ਲਈ ਉਹ ਬਣਾਏ ਗਏ ਹਨ। ਇਸ ਨਾਲ ਉਨ੍ਹਾਂ ਵਿਆਪਕ ਲੀਕੇਜ ਦੀ ਸਮੱਸਿਆ ਖ਼ਤਮ ਹੋ ਗਈ ਹੈ, ਜਿਸ ਨੇ ਇੱਕ ਵਾਰ

ਸੰਕਟ ਰਾਹਤ, ਵਿਦਿਆਰਥੀ ਵਜ਼ੀਫ਼ਾ ਅਤੇ ਸਿਹਤ ਸੇਵਾ ਪ੍ਰੋਗਰਾਮਾਂ ਵਰਗੀਆਂ ਕਲਿਆਣਕਾਰੀ ਯੋਜਨਾਵਾਂ ਨੂੰ ਬੁਰੀ ਤਰ੍ਹਾਂ ਪ੍ਰਭਾਵਿਤ ਕੀਤਾ ਸੀ। ਉਨ੍ਹਾਂ ਦੱਸਿਆ ਕਿ 'ਇਕ ਦੇਸ਼ ਇਕ ਰਾਸ਼ਨ ਕਾਰਡ' ਵਰਗੀਆਂ ਪਹਿਲਾਂ ਆਧਾਰ ਕਾਰਨ ਸੰਭਵ ਹੋਈਆਂ ਹਨ, ਜੋ ਲਾਭਪਾਤਰੀਆਂ ਨੂੰ ਪੂਰੇ ਦੇਸ਼ ਵਿੱਚ ਆਸਾਨੀ ਨਾਲ ਜਨਤਕ ਵੰਡ ਪ੍ਰਣਾਲੀ ਤੱਕ ਪਹੁੰਚਣ ਦੀ ਇਜਾਜ਼ਤ ਦਿੰਦੀਆਂ ਹਨ, ਉਸ ਨਾਲ ਇਸ ਦੇ ਵਿਆਪਕ ਆਰਥਿਕ ਪ੍ਰਭਾਵ ਨੂੰ ਵੀ ਨੋਟ ਕੀਤਾ, ਜਿਸ ਵਿੱਚ ਵਿੱਤੀ ਟੈਕਸ ਅਨੁਮਾਨ ਅਤੇ ਜੀਐਸਟੀ ਮਾਲੀਏ ਵਿੱਚ ਲਗਭਗ 66,000 ਕਰੋੜ ਪ੍ਰਤੀ ਮਹੀਨਾ ਤੋਂ 2 ਲੱਖ ਕਰੋੜ ਤੋਂ ਵੱਧ ਦੀ ਜ਼ਰੂਰ ਵਾਧਾ ਸ਼ਾਮਲ ਹੈ। ਰਾਜਪਾਲ ਨੇ ਜੀਵਤ ਚੁਣੌਤੀਆਂ ਨੂੰ ਵੀ ਮੰਨਿਆ, ਜਿਸ ਵਿੱਚ ਬਜ਼ੁਰਗ ਨਾਗਰਿਕਾਂ ਵਿੱਚ ਬਾਇਓਮੈਟ੍ਰਿਕ ਪ੍ਰਮਾਣਿਕਤਾ ਦੀਆਂ ਸਮੱਸਿਆਵਾਂ, ਆਧਾਰ ਨਾਮਜ਼ਦਗੀ ਵਿੱਚ ਦੇਰੀ,

ਅਤੇ ਇਹ ਯਕੀਨੀ ਬਣਾਉਣ ਲਈ ਵਧੇਰੇ ਨਾਗਰਿਕ-ਅਨੁਕੂਲ ਅਤੇ ਸਮਾਵੇਸ਼ੀ ਪ੍ਰਸ਼ਾਸਨਿਕ ਡਿਜ਼ਾਈਨ ਦੀ ਲੋੜ ਸ਼ਾਮਲ ਹੈ ਤਾਂ ਜੋ ਕੋਈ ਵੀ ਯੋਗ ਵਿਅਕਤੀ ਪਿੱਛੇ ਨਾ ਰਹੇ। ਭਾਰਤੀ ਵਿਸ਼ੇਸ਼ ਪਛਾਣ ਅਥਾਰਟੀ ਦੇ ਮੁੱਖ ਕਾਰਜਕਾਰੀ ਅਧਿਕਾਰੀ ਭੁਵਨੇਸ਼ ਕੁਮਾਰ ਨੇ ਵੀ ਇਸ ਮੌਕੇ ਸੰਬੋਧਨ ਕੀਤਾ ਅਤੇ ਆਧਾਰ ਲਈ ਕਨਵਰਜੈਂਸ ਅਧੀਨ ਵਿਕਾਸ

'ਤੇ ਰੋਸ਼ਨੀ ਪਾਈ। ਉਨ੍ਹਾਂ ਨਵੀਨ ਲਾਂਚ ਕੀਤੇ ਗਏ ਆਧਾਰ ਐਪਲੀਕੇਸ਼ਨ ਬਾਰੇ ਗੱਲ ਕੀਤੀ ਅਤੇ ਵਿਦੇਸ਼ੀ ਆਧਾਰ ਪਰੀਵੇਸ਼ਨ ਪਹਿਲ ਦੇ ਮਹੱਤਵ 'ਤੇ ਜ਼ੋਰ ਦਿੱਤਾ, ਜੋ ਵਿਦੇਸ਼ ਵਿੱਚ ਰਹਿਣ ਵਾਲੇ ਭਾਰਤੀ ਨਿਵਾਸੀਆਂ ਨੂੰ ਸੇਵਾਵਾਂ ਪ੍ਰਦਾਨ ਕਰਨ ਵਿੱਚ ਸਹਾਇਕ ਹੋਵੇਗਾ। ਉਨ੍ਹਾਂ ਅੱਗੇ ਵਿਸਥਾਰ ਨਾਲ ਦੱਸਿਆ ਕਿ ਆਧਾਰ ਨੇ ਸਰਕਾਰੀ ਸੇਵਾਵਾਂ ਤੱਕ ਆਸਾਨ ਪਹੁੰਚ ਸਮਰੱਥ ਬਣਾ ਕੇ, ਪ੍ਰਸ਼ਾਸਕੀ ਵਿੱਚ ਸੁਧਾਰ ਕਰ ਕੇ ਅਤੇ ਪੂਰੇ ਦੇਸ਼ ਵਿੱਚ ਡਿਜੀਟਲ ਪਰਿਵਰਤਨ ਨੂੰ ਮਜ਼ਬੂਤ ਕਰ ਕੇ ਜੀਵਨ ਨੂੰ ਸੁਖਾਲਾ ਬਣਾਉਣ ਵਿੱਚ ਯੋਗਦਾਨ ਪਾਇਆ ਹੈ। ਇਸ 'ਤੇ ਆਧਾਰਿਤ, ਪੰਜਾਬ ਦੇ ਮੁੱਖ ਸਕੱਤਰ ਕੇ.ਏ.ਪੀ. ਸਿਨਹਾ ਨੇ ਰਾਜ ਦੇ ਤਜਰਬੇ ਨੂੰ ਪੇਸ਼ ਕੀਤਾ, ਇਹ ਆਧਾਰ ਅਤੇ ਸਬੰਧਤ ਪਲੇਟਫਾਰਮਾਂ ਨੇ ਕਲਿਆਣ ਅਤੇ ਖ਼ਰੀਦ ਪ੍ਰਣਾਲੀਆਂ ਨੂੰ ਬਹੁਤ ਮਜ਼ਬੂਤ ਬਣਾਇਆ ਹੈ। ਆਧਾਰ ਡੇਟਾਬੇਸ ਨੂੰ ਇੱਕ ਲਗਭਗ ਲੀਕੇਜ-ਰਹਿਤ ਬਣਾ ਦਿੱਤਾ ਹੈ।

ਅਸੀਂ ਗਗਨਦੀਪ ਰੰਧਾਵਾ ਦੇ ਮਾਮਲੇ 'ਚ ਨਿਰਪੱਖ ਜਾਂਚ ਕਰਵਾਵਾਂਗੇ: ਮੁੱਖ ਮੰਤਰੀ ਭਗਵੰਤ ਮਾਨ
ਪੇਜ 3 ਨਿਊਜ਼/ਪ.ਪ.
ਚੰਡੀਗੜ੍ਹ / 24 ਮਾਰਚ

ਪੰਜਾਬ ਦੇ ਮੁੱਖ ਮੰਤਰੀ ਭਗਵੰਤ ਮਾਨ ਨੇ ਅੱਜ ਪ੍ਰੈਸ ਕਾਨਫਰੰਸ ਦੌਰਾਨ ਕਿਹਾ ਕਿ ਗਗਨਦੀਪ ਸਿੰਘ ਰੰਧਾਵਾ ਦੀ ਮੌਤ 'ਤੇ ਕਿ ਅਸੀਂ ਕਿਸੇ ਮੰਤਰੀ ਸੰਤਰੀ ਦੀ ਪਰਵਾਹ ਨਹੀਂ ਕਰਦੇ। ਸਾਡੇ ਲਈ ਸਾਰੇ ਮੰਤਰੀ ਜਿਹੜੇ ਇਕ ਜਿਸੇ ਹਨ ਜੇ ਵੀ ਦੋਸ਼ੀ ਪਾਇਆ ਗਿਆ, ਉਸ ਵਿਰੁੱਧ ਕਾਰਵਾਈ ਜ਼ਰੂਰ ਹੋਵੇਗੀ। ਮੰਤਰੀ ਦਾ ਅਸਤੀਫ਼ਾ ਲੈ ਲਿਆ ਗਿਆ ਹੈ, ਗ੍ਰਿਫ਼ਤਾਰੀ ਹੋ ਗਈ ਹੈ ਤੇ ਹੁਣ ਅਗਲੀ ਕਾਰਵਾਈ ਕੀਤੀ ਜਾਵੇਗੀ। ਉਨ੍ਹਾਂ ਅੱਗੇ ਕਿਹਾ ਅਸੀਂ ਗਗਨਦੀਪ ਦੇ ਪਰਿਵਾਰ ਨਾਲ ਹਮਦਰਦੀ ਪ੍ਰਗਟ ਕਰਦੇ ਹਾਂ। ਉਨ੍ਹਾਂ ਕਿਹਾ ਕਿ ਪਿਛਲੀਆਂ ਸਰਕਾਰਾਂ ਨੇ ਕਦੇ ਆਪਣੇ ਮੰਤਰੀਆਂ ਖ਼ਿਲਾਫ਼ ਕਾਰਵਾਈ ਨਹੀਂ ਕਰਦੀਆਂ ਸਨ ਪਰ ਅਸੀਂ ਉਨ੍ਹਾਂ ਵਰਗੇ ਨਹੀਂ ਹਾਂ। ਉਨ੍ਹਾਂ

ਕਿਹਾ ਕਿ ਅਸੀਂ ਗਗਨਦੀਪ ਦੇ ਪਰਿਵਾਰ ਦੇ ਨਾਲ ਹਮੇਸ਼ਾ ਖੜ੍ਹੇ ਹਾਂ। ਉਨ੍ਹਾਂ ਵਿਰੋਧੀ ਧਿਰ 'ਤੇ ਨਿਸ਼ਾਨਾ ਸਾਧਦੇ ਹੋਏ ਕਿਹਾ ਕਿ ਉਨ੍ਹਾਂ ਸਮੇਂ ਕਿਸੇ ਮਾਮਲੇ ਦੀ ਸੀ.ਬੀ.ਆਈ. ਜਾਂਚ ਨਹੀਂ ਕਰਵਾਈ ਜਾਂਦੀ ਸੀ। ਪੰਜਾਬ ਪੁਲਿਸ ਜਾਂਚ ਕਰਨ ਦੇ ਕਾਬਿਲ ਹੈ। ਉਨ੍ਹਾਂ ਕਿਹਾ ਕਿ ਪਟਿਆਲਾ 'ਚ ਕੈਪਟਨ ਅਮਰਿੰਦਰ ਸਿੰਘ ਅਤੇ ਭ੍ਰਿਸ਼ਟਾਚਾਰ ਸਿੰਘ ਚਾਹਲ ਦਾ ਨਾਂ ਲੈ ਕੇ ਇਕ ਵਿਅਕਤੀ ਨੇ ਖ਼ੁਦ ਨੂੰ ਅੱਗ ਲਗਾ ਲਈ ਅਤੇ ਉਸ ਵਿਅਕਤੀ ਦੀ ਮੌਤ ਹੋ ਗਈ ਸੀ ਤੋਂ ਇਸ ਮਾਮਲੇ 'ਚ ਸੀ.ਬੀ.ਆਈ. ਜਾਂਚ ਹੋਈ ਸੀ। ਇਸੇ ਤਰ੍ਹਾਂ ਅਮਿਤ ਸ਼ਾਹ ਦਾ ਨਾਂ ਲੈ ਕੇ ਇਕ ਵਿਅਕਤੀ ਨੇ ਖ਼ੁਦਕੁਸ਼ੀ ਕਰ ਲਈ ਸੀ ਅਤੇ ਕੀ ਉਨ੍ਹਾਂ ਖ਼ਿਲਾਫ਼ ਕੋਈ ਕਾਰਵਾਈ ਹੋਈ, ਪਰ ਅਸੀਂ ਗਗਨਦੀਪ ਰੰਧਾਵਾ ਦੇ ਮਾਮਲੇ 'ਚ ਨਿਰਪੱਖ ਜਾਂਚ ਕਰਵਾਵਾਂਗੇ।
